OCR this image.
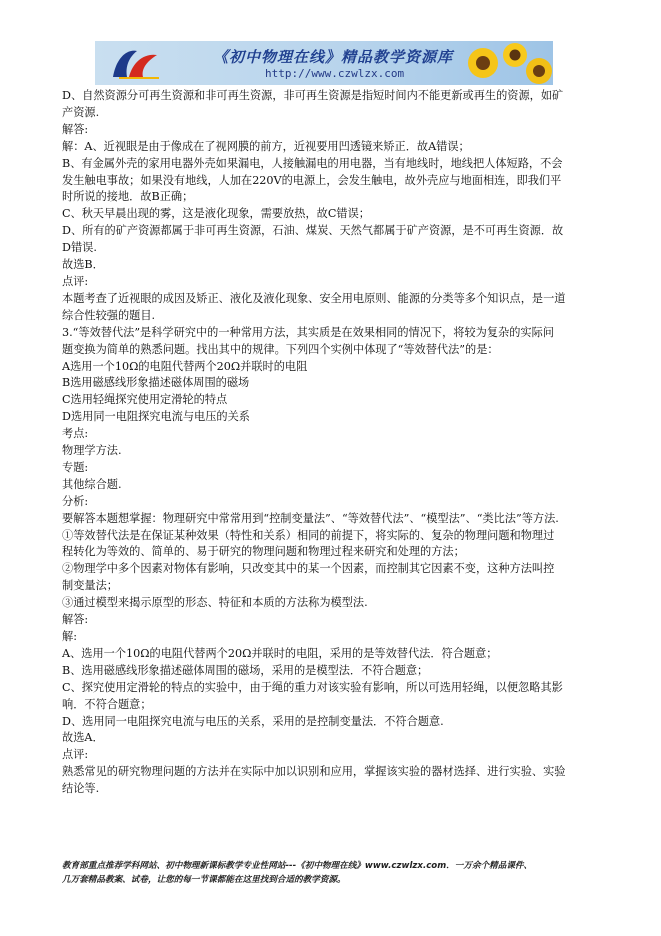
《初中物理在线》精品教学资源库
http://www.czwlzx.com

D、自然资源分可再生资源和非可再生资源，非可再生资源是指短时间内不能更新或再生的资源，如矿

产资源.

解答:

解：A、近视眼是由于像成在了视网膜的前方，近视要用凹透镜来矫正．故A错误；

B、有金属外壳的家用电器外壳如果漏电，人接触漏电的用电器，当有地线时，地线把人体短路，不会

发生触电事故；如果没有地线，人加在220V的电源上，会发生触电，故外壳应与地面相连，即我们平

时所说的接地．故B正确；

C、秋天早晨出现的雾，这是液化现象，需要放热，故C错误；

D、所有的矿产资源都属于非可再生资源，石油、煤炭、天然气都属于矿产资源，是不可再生资源．故

D错误.

故选B．

点评:

本题考查了近视眼的成因及矫正、液化及液化现象、安全用电原则、能源的分类等多个知识点，是一道

综合性较强的题目.

3.“等效替代法”是科学研究中的一种常用方法，其实质是在效果相同的情况下，将较为复杂的实际问

题变换为简单的熟悉问题。找出其中的规律。下列四个实例中体现了“等效替代法”的是：

A选用一个10Ω的电阻代替两个20Ω并联时的电阻

B选用磁感线形象描述磁体周围的磁场

C选用轻绳探究使用定滑轮的特点

D选用同一电阻探究电流与电压的关系

考点:

物理学方法.

专题:

其他综合题.

分析:

要解答本题想掌握：物理研究中常常用到“控制变量法”、“等效替代法”、“模型法”、“类比法”等方法.

①等效替代法是在保证某种效果（特性和关系）相同的前提下，将实际的、复杂的物理问题和物理过

程转化为等效的、简单的、易于研究的物理问题和物理过程来研究和处理的方法；

②物理学中多个因素对物体有影响，只改变其中的某一个因素，而控制其它因素不变，这种方法叫控

制变量法；

③通过模型来揭示原型的形态、特征和本质的方法称为模型法.

解答:

解:

A、选用一个10Ω的电阻代替两个20Ω并联时的电阻，采用的是等效替代法．符合题意；

B、选用磁感线形象描述磁体周围的磁场，采用的是模型法．不符合题意；

C、探究使用定滑轮的特点的实验中，由于绳的重力对该实验有影响，所以可选用轻绳，以便忽略其影

响．不符合题意；

D、选用同一电阻探究电流与电压的关系，采用的是控制变量法．不符合题意.

故选A．

点评:

熟悉常见的研究物理问题的方法并在实际中加以识别和应用，掌握该实验的器材选择、进行实验、实验

结论等.

教育部重点推荐学科网站、初中物理新课标教学专业性网站---《初中物理在线》www.czwlzx.com．一万余个精品课件、

几万套精品教案、试卷，让您的每一节课都能在这里找到合适的教学资源。
